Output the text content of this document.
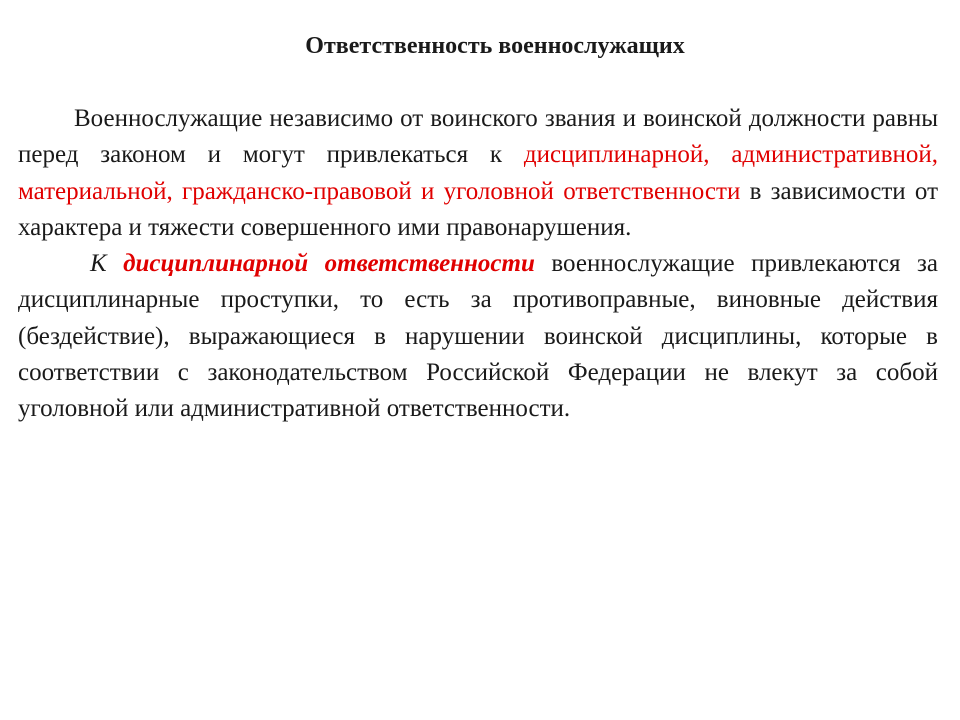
Ответственность военнослужащих

Военнослужащие независимо от воинского звания и воинской должности равны перед законом и могут привлекаться к дисциплинарной, административной, материальной, гражданско-правовой и уголовной ответственности в зависимости от характера и тяжести совершенного ими правонарушения.

К дисциплинарной ответственности военнослужащие привлекаются за дисциплинарные проступки, то есть за противоправные, виновные действия (бездействие), выражающиеся в нарушении воинской дисциплины, которые в соответствии с законодательством Российской Федерации не влекут за собой уголовной или административной ответственности.
